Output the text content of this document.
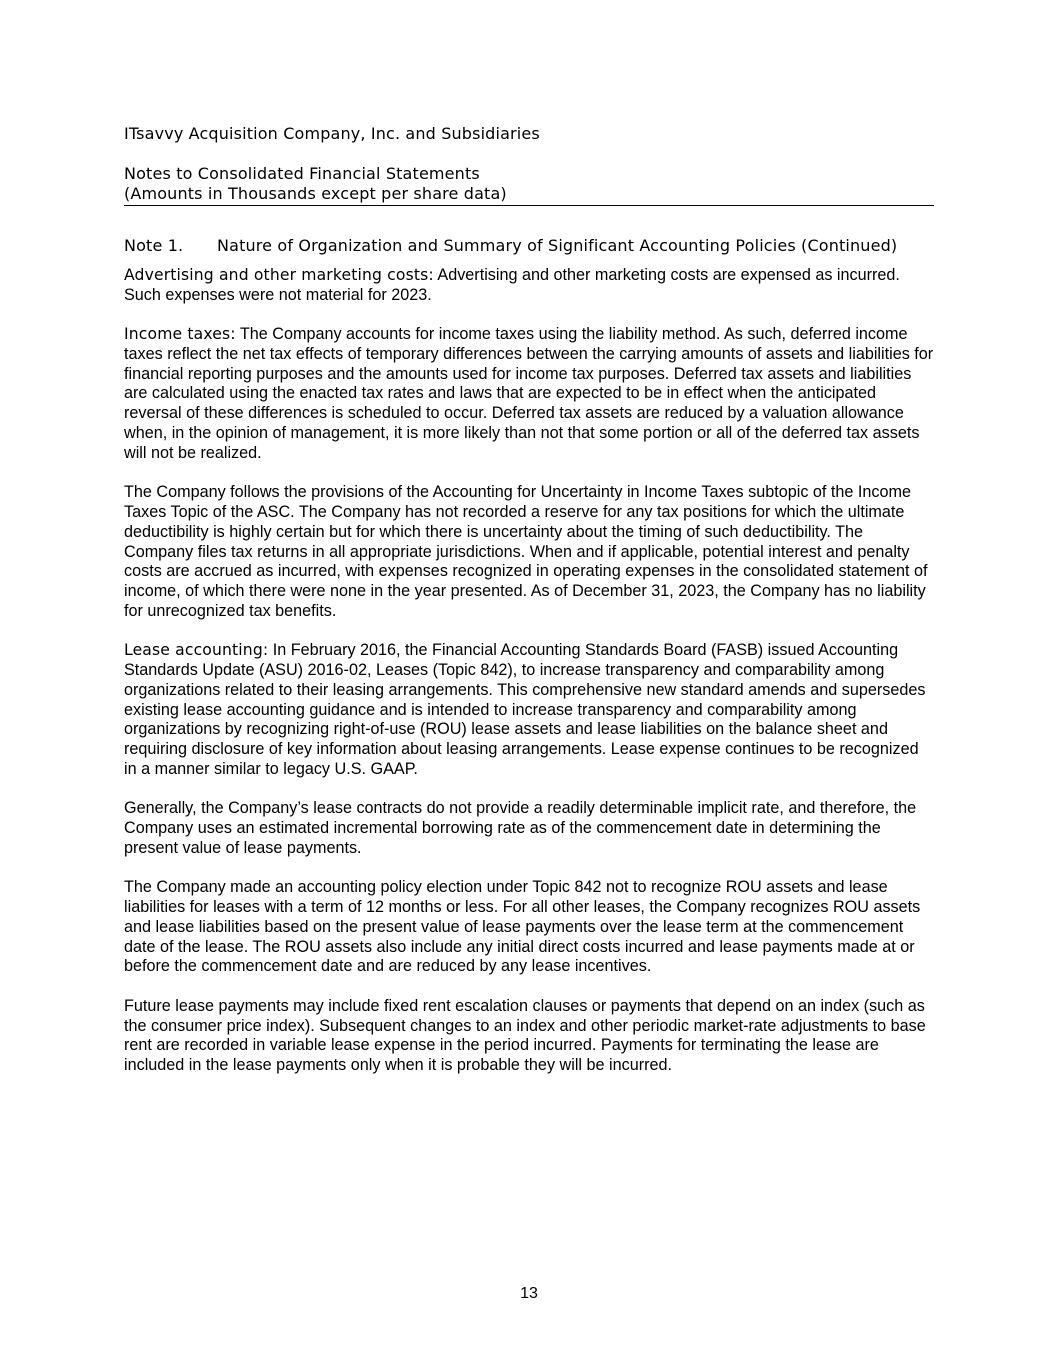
ITsavvy Acquisition Company, Inc. and Subsidiaries
Notes to Consolidated Financial Statements
(Amounts in Thousands except per share data)
Note 1. Nature of Organization and Summary of Significant Accounting Policies (Continued)

Advertising and other marketing costs: Advertising and other marketing costs are expensed as incurred. Such expenses were not material for 2023.

Income taxes: The Company accounts for income taxes using the liability method. As such, deferred income taxes reflect the net tax effects of temporary differences between the carrying amounts of assets and liabilities for financial reporting purposes and the amounts used for income tax purposes. Deferred tax assets and liabilities are calculated using the enacted tax rates and laws that are expected to be in effect when the anticipated reversal of these differences is scheduled to occur. Deferred tax assets are reduced by a valuation allowance when, in the opinion of management, it is more likely than not that some portion or all of the deferred tax assets will not be realized.

The Company follows the provisions of the Accounting for Uncertainty in Income Taxes subtopic of the Income Taxes Topic of the ASC. The Company has not recorded a reserve for any tax positions for which the ultimate deductibility is highly certain but for which there is uncertainty about the timing of such deductibility. The Company files tax returns in all appropriate jurisdictions. When and if applicable, potential interest and penalty costs are accrued as incurred, with expenses recognized in operating expenses in the consolidated statement of income, of which there were none in the year presented. As of December 31, 2023, the Company has no liability for unrecognized tax benefits.

Lease accounting: In February 2016, the Financial Accounting Standards Board (FASB) issued Accounting Standards Update (ASU) 2016-02, Leases (Topic 842), to increase transparency and comparability among organizations related to their leasing arrangements. This comprehensive new standard amends and supersedes existing lease accounting guidance and is intended to increase transparency and comparability among organizations by recognizing right-of-use (ROU) lease assets and lease liabilities on the balance sheet and requiring disclosure of key information about leasing arrangements. Lease expense continues to be recognized in a manner similar to legacy U.S. GAAP.

Generally, the Company’s lease contracts do not provide a readily determinable implicit rate, and therefore, the Company uses an estimated incremental borrowing rate as of the commencement date in determining the present value of lease payments.

The Company made an accounting policy election under Topic 842 not to recognize ROU assets and lease liabilities for leases with a term of 12 months or less. For all other leases, the Company recognizes ROU assets and lease liabilities based on the present value of lease payments over the lease term at the commencement date of the lease. The ROU assets also include any initial direct costs incurred and lease payments made at or before the commencement date and are reduced by any lease incentives.

Future lease payments may include fixed rent escalation clauses or payments that depend on an index (such as the consumer price index). Subsequent changes to an index and other periodic market-rate adjustments to base rent are recorded in variable lease expense in the period incurred. Payments for terminating the lease are included in the lease payments only when it is probable they will be incurred.

13
